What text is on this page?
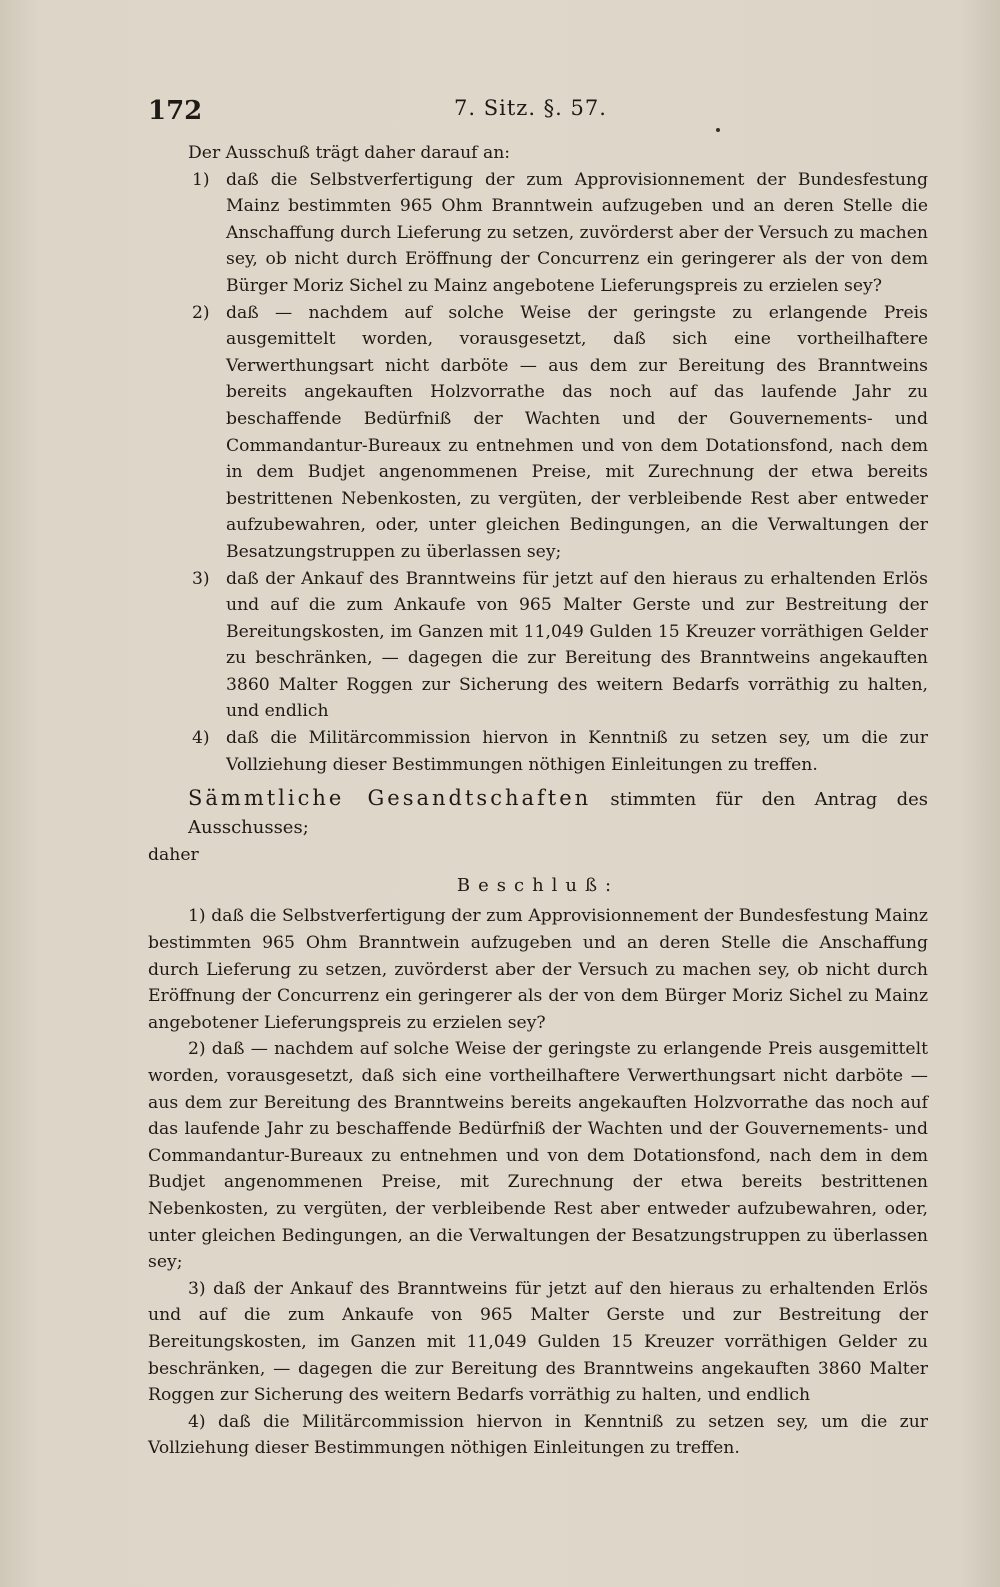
172	7. Sitz. §. 57.

Der Ausschuß trägt daher darauf an:

1) daß die Selbstverfertigung der zum Approvisionnement der Bundesfestung Mainz bestimmten 965 Ohm Branntwein aufzugeben und an deren Stelle die Anschaffung durch Lieferung zu setzen, zuvörderst aber der Versuch zu machen sey, ob nicht durch Eröffnung der Concurrenz ein geringerer als der von dem Bürger Moriz Sichel zu Mainz angebotene Lieferungspreis zu erzielen sey?
2) daß — nachdem auf solche Weise der geringste zu erlangende Preis ausgemittelt worden, vorausgesetzt, daß sich eine vortheilhaftere Verwerthungsart nicht darböte — aus dem zur Bereitung des Branntweins bereits angekauften Holzvorrathe das noch auf das laufende Jahr zu beschaffende Bedürfniß der Wachten und der Gouvernements- und Commandantur-Bureaux zu entnehmen und von dem Dotationsfond, nach dem in dem Budjet angenommenen Preise, mit Zurechnung der etwa bereits bestrittenen Nebenkosten, zu vergüten, der verbleibende Rest aber entweder aufzubewahren, oder, unter gleichen Bedingungen, an die Verwaltungen der Besatzungstruppen zu überlassen sey;
3) daß der Ankauf des Branntweins für jetzt auf den hieraus zu erhaltenden Erlös und auf die zum Ankaufe von 965 Malter Gerste und zur Bestreitung der Bereitungskosten, im Ganzen mit 11,049 Gulden 15 Kreuzer vorräthigen Gelder zu beschränken, — dagegen die zur Bereitung des Branntweins angekauften 3860 Malter Roggen zur Sicherung des weitern Bedarfs vorräthig zu halten, und endlich
4) daß die Militärcommission hiervon in Kenntniß zu setzen sey, um die zur Vollziehung dieser Bestimmungen nöthigen Einleitungen zu treffen.

Sämmtliche Gesandtschaften stimmten für den Antrag des Ausschusses;

daher

Beschluß:

1) daß die Selbstverfertigung der zum Approvisionnement der Bundesfestung Mainz bestimmten 965 Ohm Branntwein aufzugeben und an deren Stelle die Anschaffung durch Lieferung zu setzen, zuvörderst aber der Versuch zu machen sey, ob nicht durch Eröffnung der Concurrenz ein geringerer als der von dem Bürger Moriz Sichel zu Mainz angebotener Lieferungspreis zu erzielen sey?

2) daß — nachdem auf solche Weise der geringste zu erlangende Preis ausgemittelt worden, vorausgesetzt, daß sich eine vortheilhaftere Verwerthungsart nicht darböte — aus dem zur Bereitung des Branntweins bereits angekauften Holzvorrathe das noch auf das laufende Jahr zu beschaffende Bedürfniß der Wachten und der Gouvernements- und Commandantur-Bureaux zu entnehmen und von dem Dotationsfond, nach dem in dem Budjet angenommenen Preise, mit Zurechnung der etwa bereits bestrittenen Nebenkosten, zu vergüten, der verbleibende Rest aber entweder aufzubewahren, oder, unter gleichen Bedingungen, an die Verwaltungen der Besatzungstruppen zu überlassen sey;

3) daß der Ankauf des Branntweins für jetzt auf den hieraus zu erhaltenden Erlös und auf die zum Ankaufe von 965 Malter Gerste und zur Bestreitung der Bereitungskosten, im Ganzen mit 11,049 Gulden 15 Kreuzer vorräthigen Gelder zu beschränken, — dagegen die zur Bereitung des Branntweins angekauften 3860 Malter Roggen zur Sicherung des weitern Bedarfs vorräthig zu halten, und endlich

4) daß die Militärcommission hiervon in Kenntniß zu setzen sey, um die zur Vollziehung dieser Bestimmungen nöthigen Einleitungen zu treffen.
